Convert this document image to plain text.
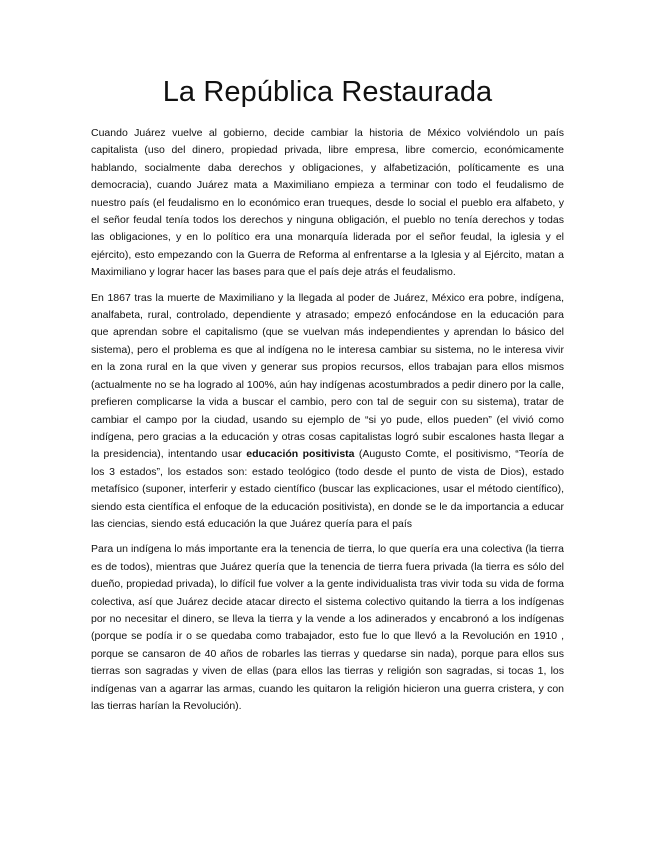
La República Restaurada

Cuando Juárez vuelve al gobierno, decide cambiar la historia de México volviéndolo un país capitalista (uso del dinero, propiedad privada, libre empresa, libre comercio, económicamente hablando, socialmente daba derechos y obligaciones, y alfabetización, políticamente es una democracia), cuando Juárez mata a Maximiliano empieza a terminar con todo el feudalismo de nuestro país (el feudalismo en lo económico eran trueques, desde lo social el pueblo era alfabeto, y el señor feudal tenía todos los derechos y ninguna obligación, el pueblo no tenía derechos y todas las obligaciones, y en lo político era una monarquía liderada por el señor feudal, la iglesia y el ejército), esto empezando con la Guerra de Reforma al enfrentarse a la Iglesia y al Ejército, matan a Maximiliano y lograr hacer las bases para que el país deje atrás el feudalismo.

En 1867 tras la muerte de Maximiliano y la llegada al poder de Juárez, México era pobre, indígena, analfabeta, rural, controlado, dependiente y atrasado; empezó enfocándose en la educación para que aprendan sobre el capitalismo (que se vuelvan más independientes y aprendan lo básico del sistema), pero el problema es que al indígena no le interesa cambiar su sistema, no le interesa vivir en la zona rural en la que viven y generar sus propios recursos, ellos trabajan para ellos mismos (actualmente no se ha logrado al 100%, aún hay indígenas acostumbrados a pedir dinero por la calle, prefieren complicarse la vida a buscar el cambio, pero con tal de seguir con su sistema), tratar de cambiar el campo por la ciudad, usando su ejemplo de “si yo pude, ellos pueden” (el vivió como indígena, pero gracias a la educación y otras cosas capitalistas logró subir escalones hasta llegar a la presidencia), intentando usar educación positivista (Augusto Comte, el positivismo, “Teoría de los 3 estados”, los estados son: estado teológico (todo desde el punto de vista de Dios), estado metafísico (suponer, interferir y estado científico (buscar las explicaciones, usar el método científico), siendo esta científica el enfoque de la educación positivista), en donde se le da importancia a educar las ciencias, siendo está educación la que Juárez quería para el país

Para un indígena lo más importante era la tenencia de tierra, lo que quería era una colectiva (la tierra es de todos), mientras que Juárez quería que la tenencia de tierra fuera privada (la tierra es sólo del dueño, propiedad privada), lo difícil fue volver a la gente individualista tras vivir toda su vida de forma colectiva, así que Juárez decide atacar directo el sistema colectivo quitando la tierra a los indígenas por no necesitar el dinero, se lleva la tierra y la vende a los adinerados y encabronó a los indígenas (porque se podía ir o se quedaba como trabajador, esto fue lo que llevó a la Revolución en 1910 , porque se cansaron de 40 años de robarles las tierras y quedarse sin nada), porque para ellos sus tierras son sagradas y viven de ellas (para ellos las tierras y religión son sagradas, si tocas 1, los indígenas van a agarrar las armas, cuando les quitaron la religión hicieron una guerra cristera, y con las tierras harían la Revolución).
